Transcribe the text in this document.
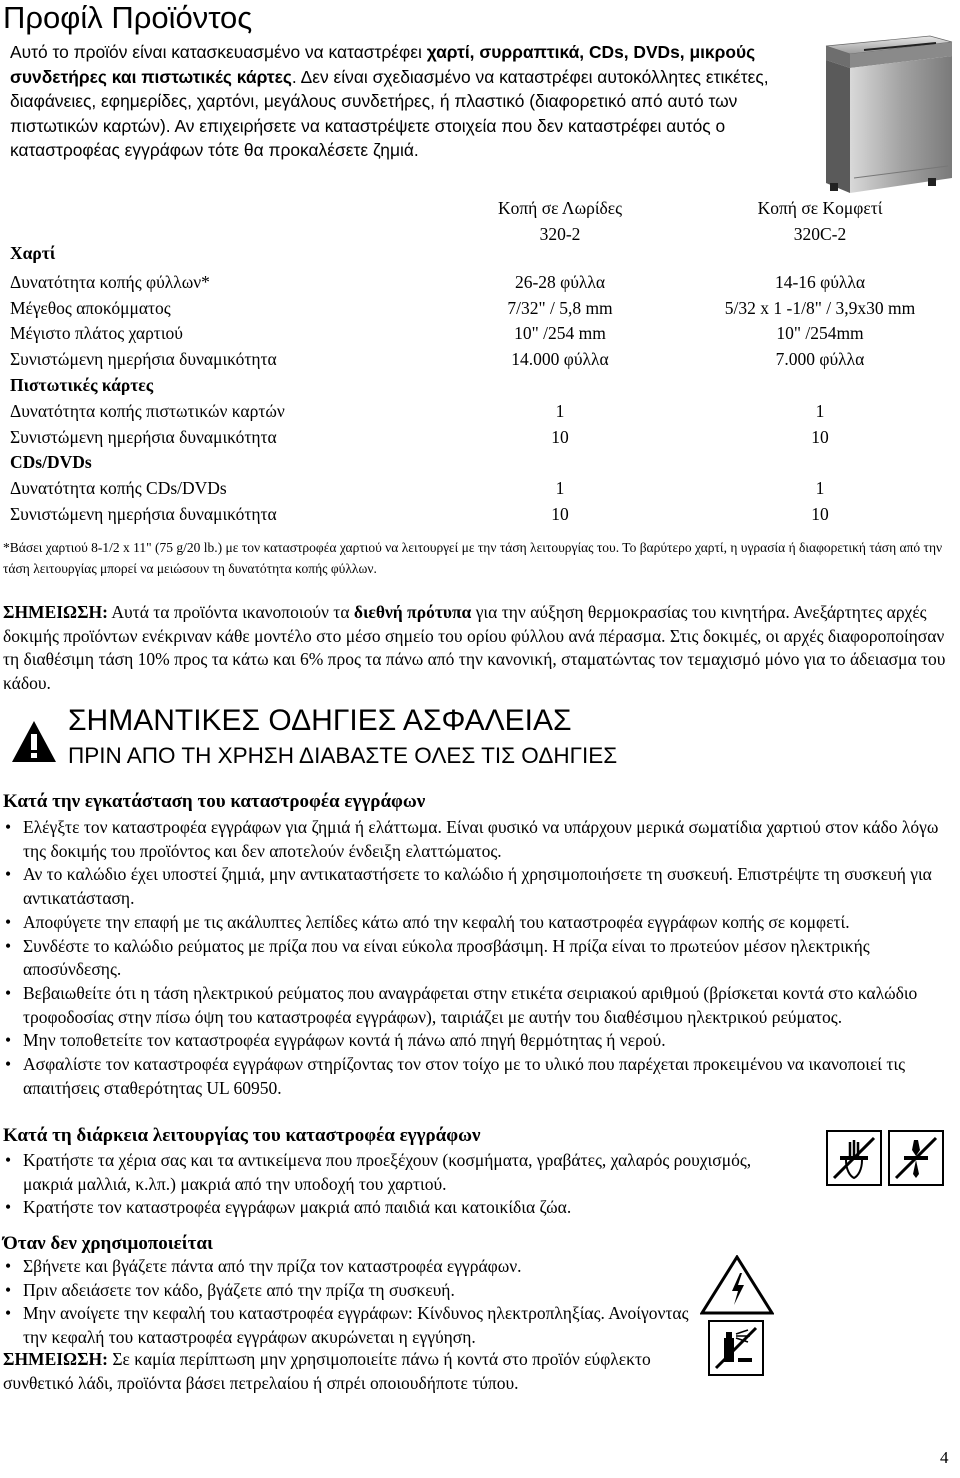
Προφίλ Προϊόντος
Αυτό το προϊόν είναι κατασκευασμένο να καταστρέφει χαρτί, συρραπτικά, CDs, DVDs, μικρούς συνδετήρες και πιστωτικές κάρτες. Δεν είναι σχεδιασμένο να καταστρέφει αυτοκόλλητες ετικέτες, διαφάνειες, εφημερίδες, χαρτόνι, μεγάλους συνδετήρες, ή πλαστικό (διαφορετικό από αυτό των πιστωτικών καρτών). Αν επιχειρήσετε να καταστρέψετε στοιχεία που δεν καταστρέφει αυτός ο καταστροφέας εγγράφων τότε θα προκαλέσετε ζημιά.
Κοπή σε Λωρίδες
320-2
Κοπή σε Κομφετί
320C-2
Χαρτί
Δυνατότητα κοπής φύλλων*	26-28 φύλλα	14-16 φύλλα
Μέγεθος αποκόμματος	7/32" / 5,8 mm	5/32 x 1 -1/8" / 3,9x30 mm
Μέγιστο πλάτος χαρτιού	10" /254 mm	10" /254mm
Συνιστώμενη ημερήσια δυναμικότητα	14.000 φύλλα	7.000 φύλλα
Πιστωτικές κάρτες
Δυνατότητα κοπής πιστωτικών καρτών	1	1
Συνιστώμενη ημερήσια δυναμικότητα	10	10
CDs/DVDs
Δυνατότητα κοπής CDs/DVDs	1	1
Συνιστώμενη ημερήσια δυναμικότητα	10	10
*Βάσει χαρτιού 8-1/2 x 11" (75 g/20 lb.) με τον καταστροφέα χαρτιού να λειτουργεί με την τάση λειτουργίας του. Το βαρύτερο χαρτί, η υγρασία ή διαφορετική τάση από την τάση λειτουργίας μπορεί να μειώσουν τη δυνατότητα κοπής φύλλων.
ΣΗΜΕΙΩΣΗ: Αυτά τα προϊόντα ικανοποιούν τα διεθνή πρότυπα για την αύξηση θερμοκρασίας του κινητήρα. Ανεξάρτητες αρχές δοκιμής προϊόντων ενέκριναν κάθε μοντέλο στο μέσο σημείο του ορίου φύλλου ανά πέρασμα. Στις δοκιμές, οι αρχές διαφοροποίησαν τη διαθέσιμη τάση 10% προς τα κάτω και 6% προς τα πάνω από την κανονική, σταματώντας τον τεμαχισμό μόνο για το άδειασμα του κάδου.
ΣΗΜΑΝΤΙΚΕΣ ΟΔΗΓΙΕΣ ΑΣΦΑΛΕΙΑΣ
ΠΡΙΝ ΑΠΟ ΤΗ ΧΡΗΣΗ ΔΙΑΒΑΣΤΕ ΟΛΕΣ ΤΙΣ ΟΔΗΓΙΕΣ
Κατά την εγκατάσταση του καταστροφέα εγγράφων
• Ελέγξτε τον καταστροφέα εγγράφων για ζημιά ή ελάττωμα. Είναι φυσικό να υπάρχουν μερικά σωματίδια χαρτιού στον κάδο λόγω της δοκιμής του προϊόντος και δεν αποτελούν ένδειξη ελαττώματος.
• Αν το καλώδιο έχει υποστεί ζημιά, μην αντικαταστήσετε το καλώδιο ή χρησιμοποιήσετε τη συσκευή. Επιστρέψτε τη συσκευή για αντικατάσταση.
• Αποφύγετε την επαφή με τις ακάλυπτες λεπίδες κάτω από την κεφαλή του καταστροφέα εγγράφων κοπής σε κομφετί.
• Συνδέστε το καλώδιο ρεύματος με πρίζα που να είναι εύκολα προσβάσιμη. Η πρίζα είναι το πρωτεύον μέσον ηλεκτρικής αποσύνδεσης.
• Βεβαιωθείτε ότι η τάση ηλεκτρικού ρεύματος που αναγράφεται στην ετικέτα σειριακού αριθμού (βρίσκεται κοντά στο καλώδιο τροφοδοσίας στην πίσω όψη του καταστροφέα εγγράφων), ταιριάζει με αυτήν του διαθέσιμου ηλεκτρικού ρεύματος.
• Μην τοποθετείτε τον καταστροφέα εγγράφων κοντά ή πάνω από πηγή θερμότητας ή νερού.
• Ασφαλίστε τον καταστροφέα εγγράφων στηρίζοντας τον στον τοίχο με το υλικό που παρέχεται προκειμένου να ικανοποιεί τις απαιτήσεις σταθερότητας UL 60950.
Κατά τη διάρκεια λειτουργίας του καταστροφέα εγγράφων
• Κρατήστε τα χέρια σας και τα αντικείμενα που προεξέχουν (κοσμήματα, γραβάτες, χαλαρός ρουχισμός, μακριά μαλλιά, κ.λπ.) μακριά από την υποδοχή του χαρτιού.
• Κρατήστε τον καταστροφέα εγγράφων μακριά από παιδιά και κατοικίδια ζώα.
Όταν δεν χρησιμοποιείται
• Σβήνετε και βγάζετε πάντα από την πρίζα τον καταστροφέα εγγράφων.
• Πριν αδειάσετε τον κάδο, βγάζετε από την πρίζα τη συσκευή.
• Μην ανοίγετε την κεφαλή του καταστροφέα εγγράφων: Κίνδυνος ηλεκτροπληξίας. Ανοίγοντας την κεφαλή του καταστροφέα εγγράφων ακυρώνεται η εγγύηση.
ΣΗΜΕΙΩΣΗ: Σε καμία περίπτωση μην χρησιμοποιείτε πάνω ή κοντά στο προϊόν εύφλεκτο συνθετικό λάδι, προϊόντα βάσει πετρελαίου ή σπρέι οποιουδήποτε τύπου.
4
